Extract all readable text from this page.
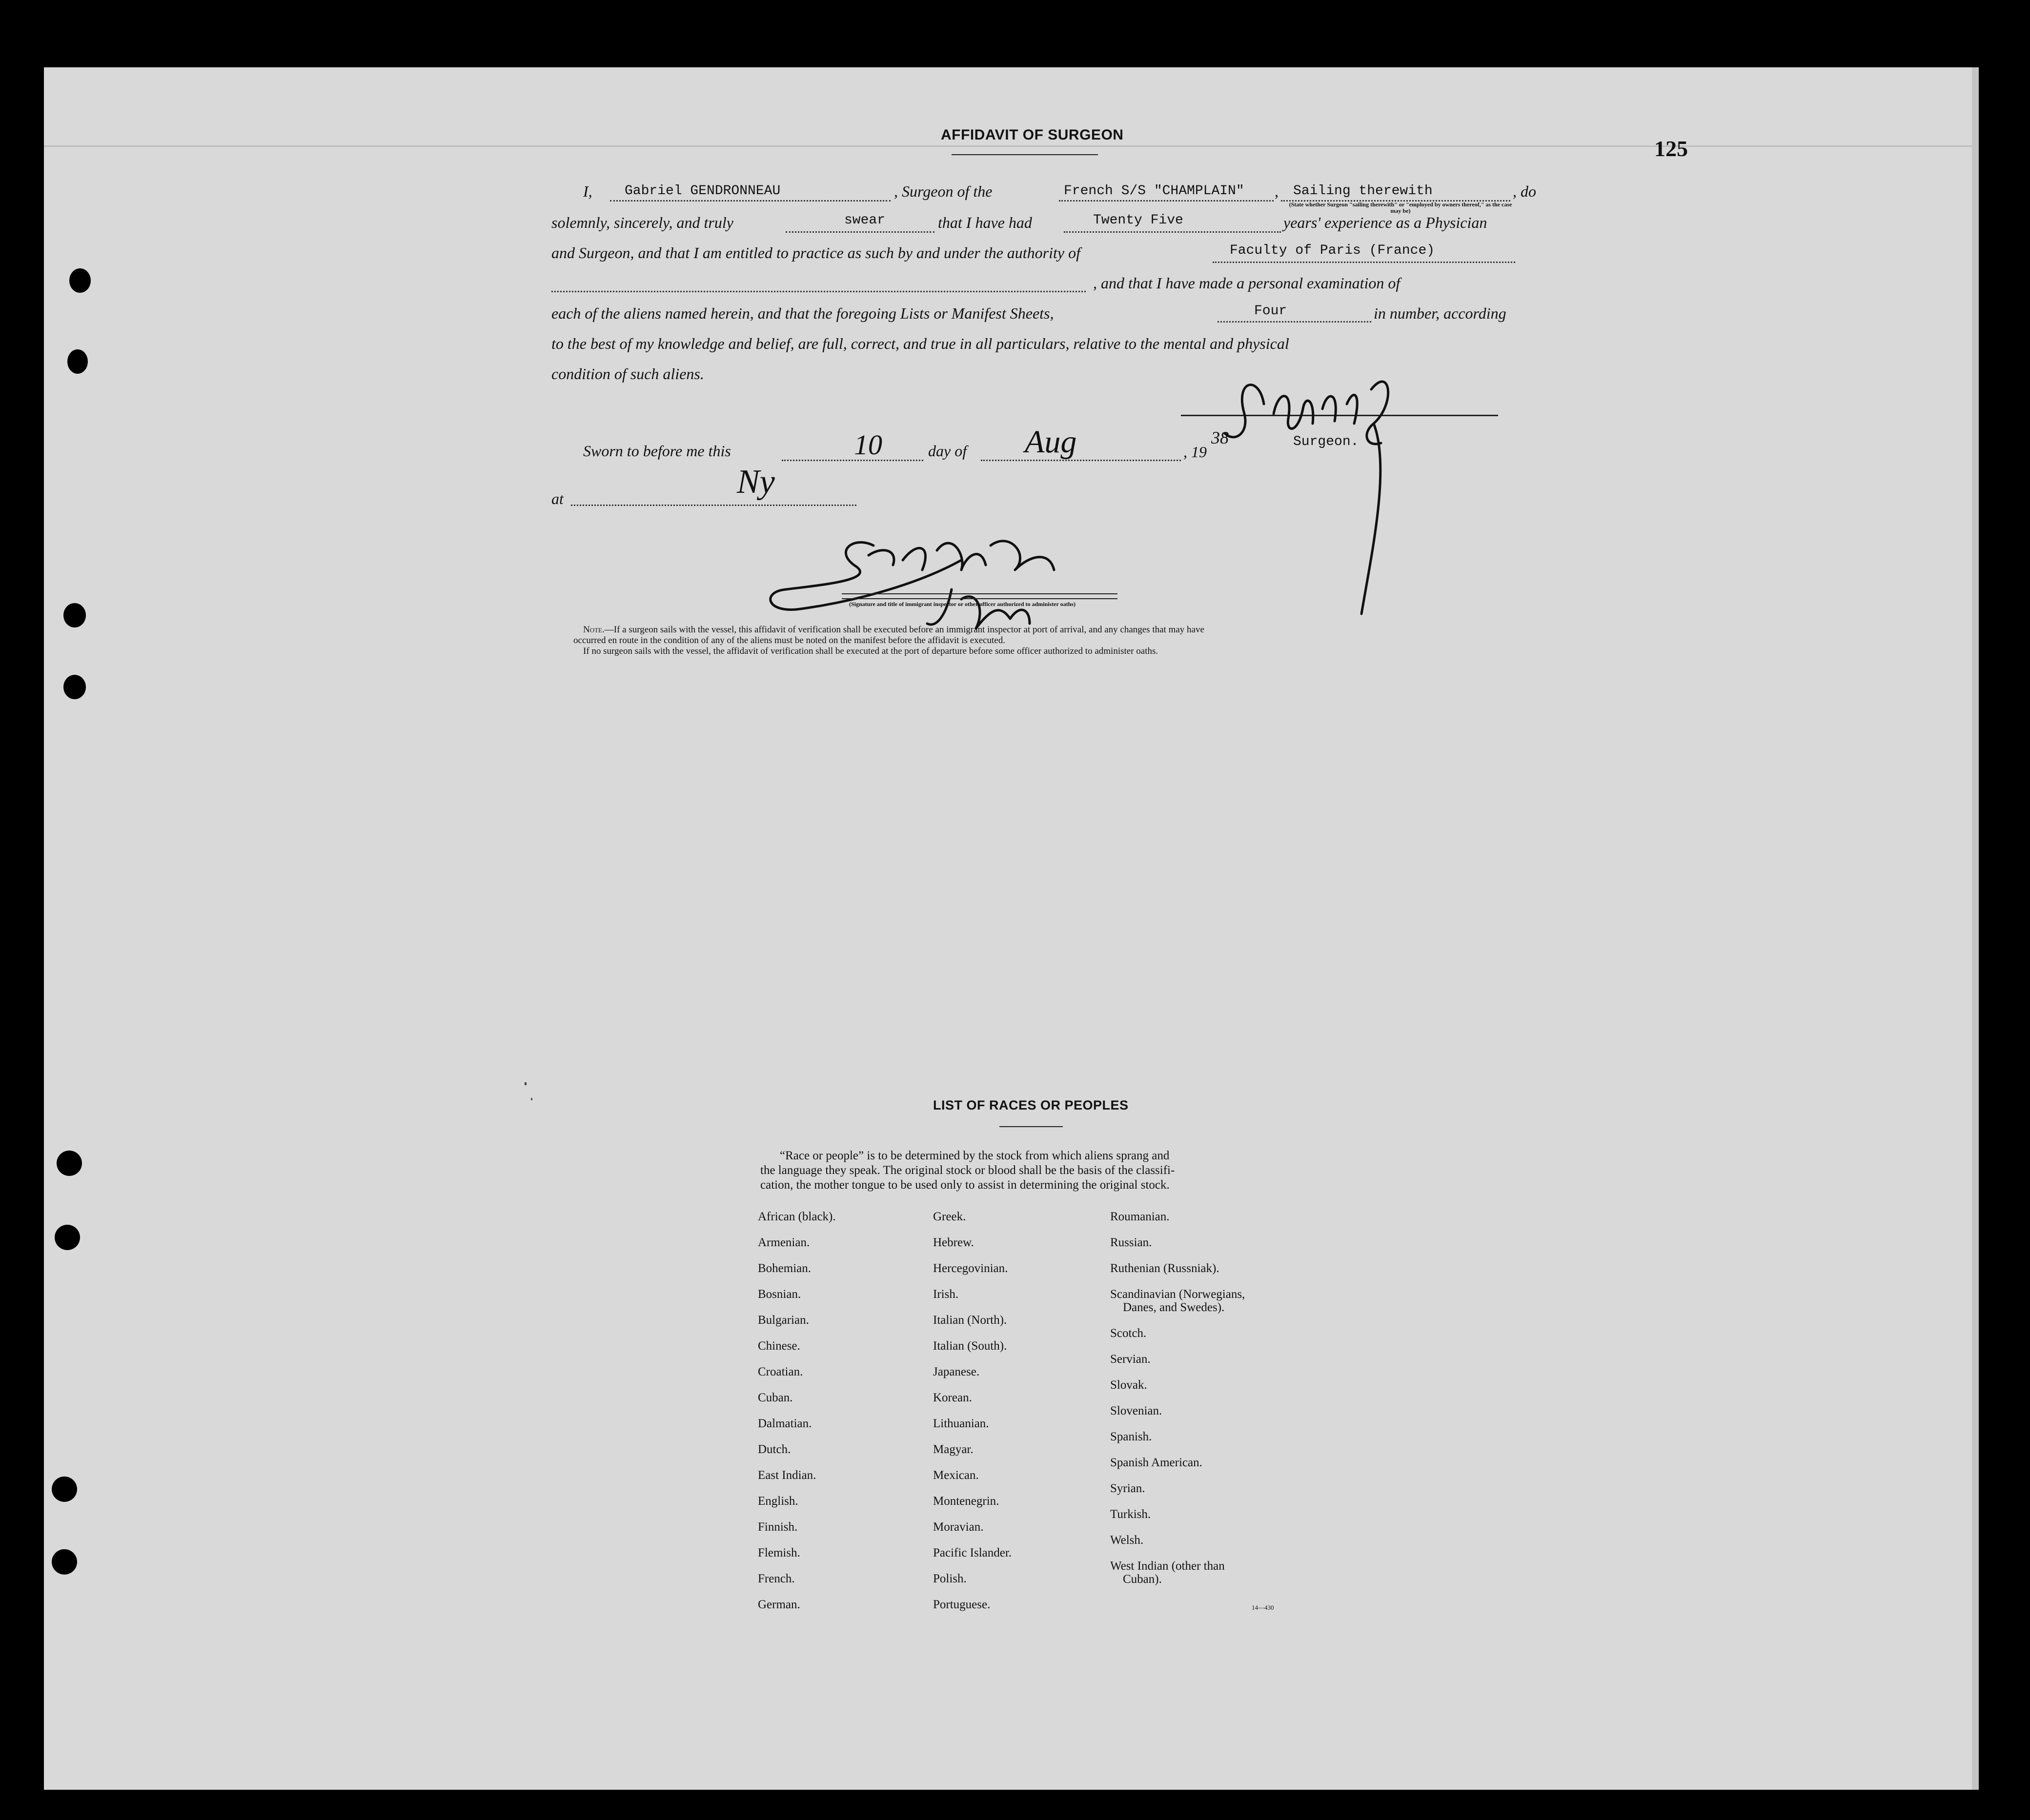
125
AFFIDAVIT OF SURGEON
I, Gabriel GENDRONNEAU	, Surgeon of the	French S/S "CHAMPLAIN" , Sailing therewith	, do
(State whether Surgeon "sailing therewith" or "employed by owners thereof," as the case may be)
solemnly, sincerely, and truly	swear	that I have had	Twenty Five	years' experience as a Physician
and Surgeon, and that I am entitled to practice as such by and under the authority of	Faculty of Paris (France)
, and that I have made a personal examination of
each of the aliens named herein, and that the foregoing Lists or Manifest Sheets,	Four	in number, according
to the best of my knowledge and belief, are full, correct, and true in all particulars, relative to the mental and physical
condition of such aliens.
Surgeon.
Sworn to before me this	10	day of Aug	, 19
38
at	Ny
(Signature and title of immigrant inspector or other officer authorized to administer oaths)
Note.—If a surgeon sails with the vessel, this affidavit of verification shall be executed before an immigrant inspector at port of arrival, and any changes that may have
occurred en route in the condition of any of the aliens must be noted on the manifest before the affidavit is executed.
If no surgeon sails with the vessel, the affidavit of verification shall be executed at the port of departure before some officer authorized to administer oaths.
LIST OF RACES OR PEOPLES
“Race or people” is to be determined by the stock from which aliens sprang and
the language they speak. The original stock or blood shall be the basis of the classifi-
cation, the mother tongue to be used only to assist in determining the original stock.
African (black).
Armenian.
Bohemian.
Bosnian.
Bulgarian.
Chinese.
Croatian.
Cuban.
Dalmatian.
Dutch.
East Indian.
English.
Finnish.
Flemish.
French.
German.
Greek.
Hebrew.
Hercegovinian.
Irish.
Italian (North).
Italian (South).
Japanese.
Korean.
Lithuanian.
Magyar.
Mexican.
Montenegrin.
Moravian.
Pacific Islander.
Polish.
Portuguese.
Roumanian.
Russian.
Ruthenian (Russniak).
Scandinavian (Norwegians,
Danes, and Swedes).
Scotch.
Servian.
Slovak.
Slovenian.
Spanish.
Spanish American.
Syrian.
Turkish.
Welsh.
West Indian (other than
Cuban).
14—430
